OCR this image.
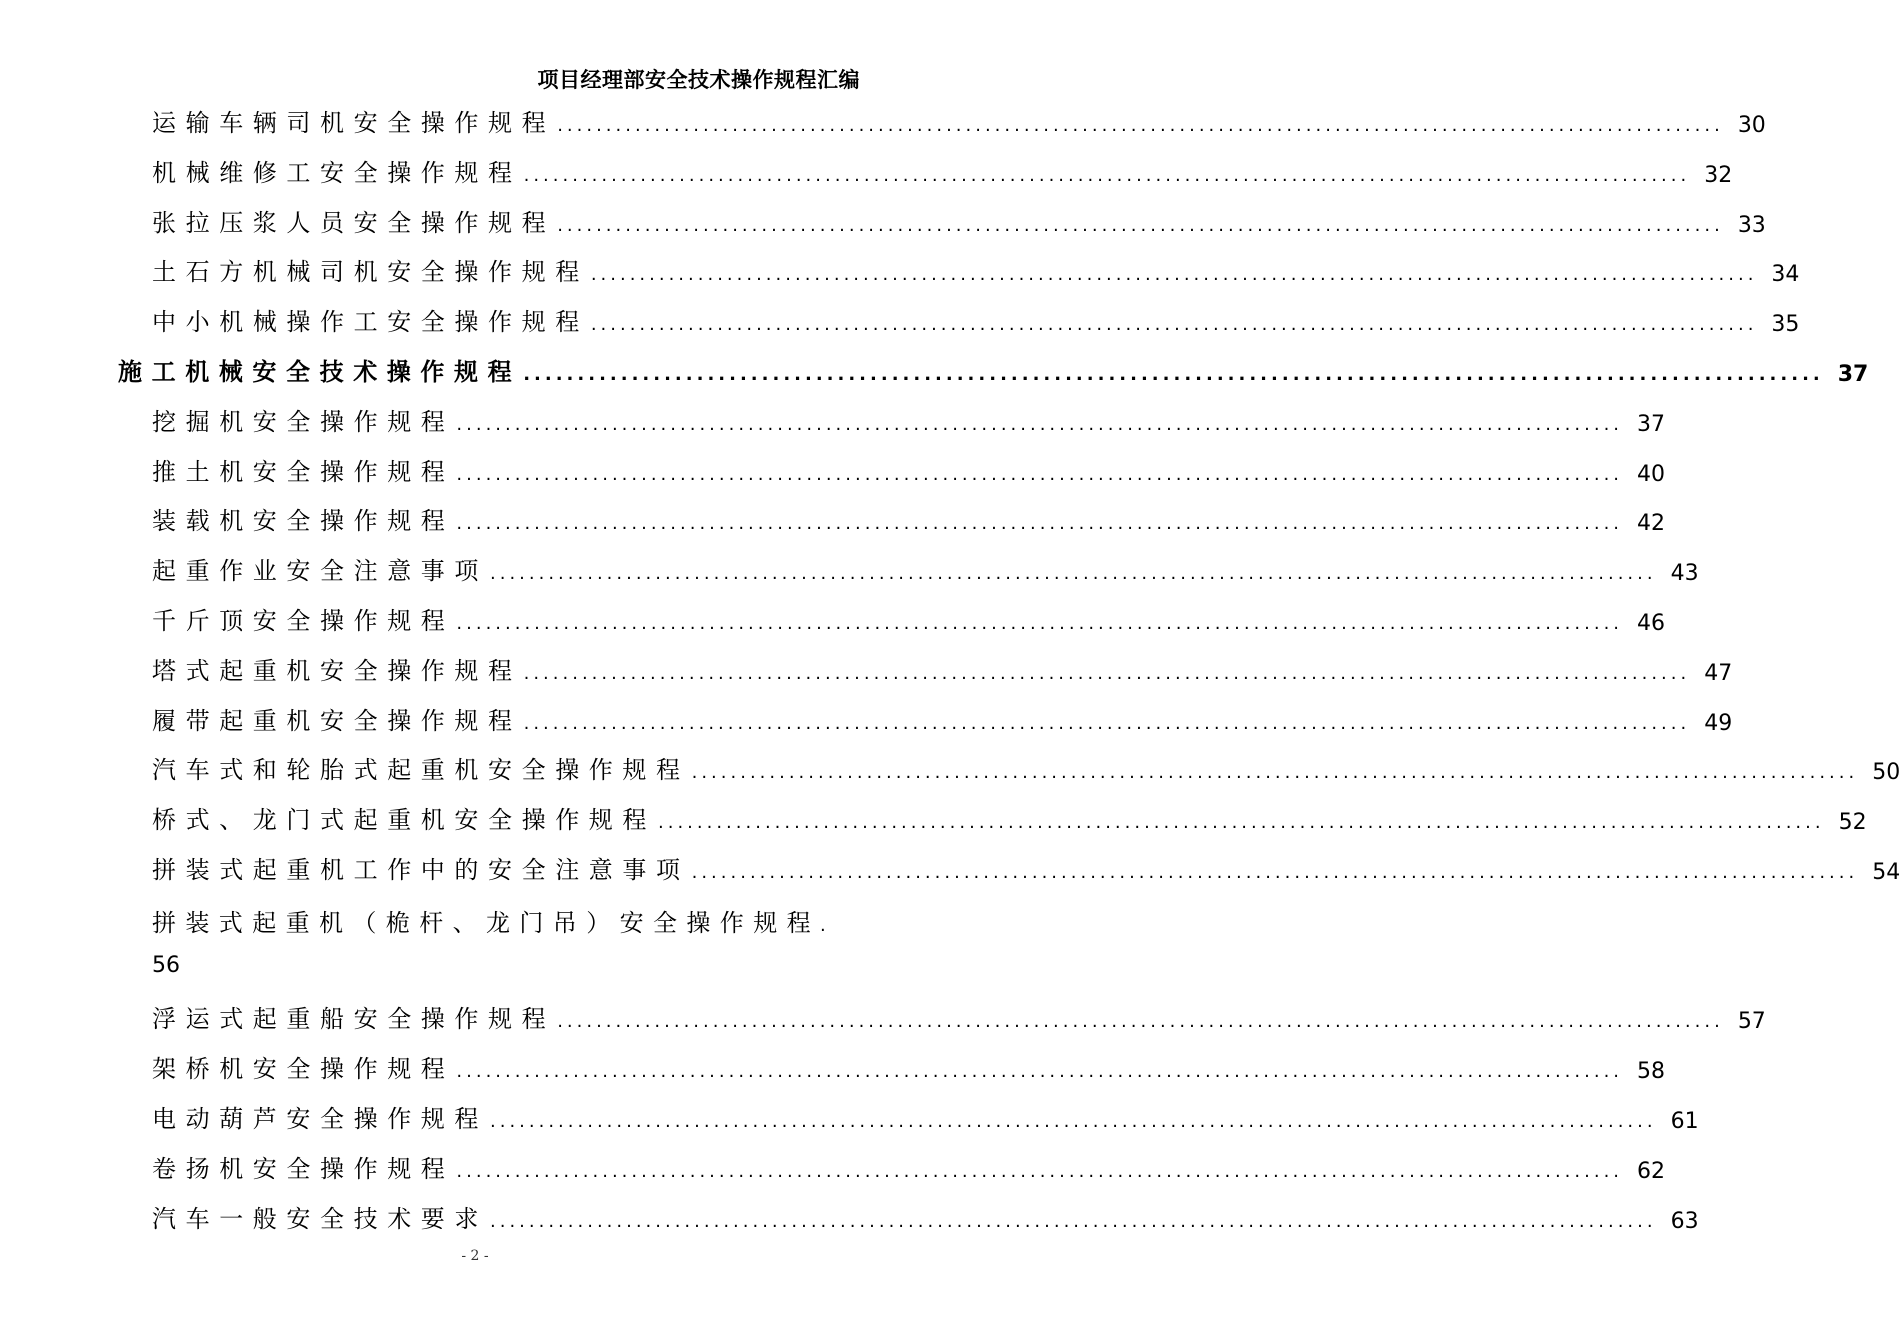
项目经理部安全技术操作规程汇编
运输车辆司机安全操作规程 ........................................................................................................................ 30
机械维修工安全操作规程 ........................................................................................................................ 32
张拉压浆人员安全操作规程 ........................................................................................................................ 33
土石方机械司机安全操作规程 ........................................................................................................................ 34
中小机械操作工安全操作规程 ........................................................................................................................ 35
施工机械安全技术操作规程 ........................................................................................................................ 37
挖掘机安全操作规程 ........................................................................................................................ 37
推土机安全操作规程 ........................................................................................................................ 40
装载机安全操作规程 ........................................................................................................................ 42
起重作业安全注意事项 ........................................................................................................................ 43
千斤顶安全操作规程 ........................................................................................................................ 46
塔式起重机安全操作规程 ........................................................................................................................ 47
履带起重机安全操作规程 ........................................................................................................................ 49
汽车式和轮胎式起重机安全操作规程 ........................................................................................................................ 50
桥式、龙门式起重机安全操作规程 ........................................................................................................................ 52
拼装式起重机工作中的安全注意事项 ........................................................................................................................ 54
拼装式起重机（桅杆、龙门吊）安全操作规程.
56
浮运式起重船安全操作规程 ........................................................................................................................ 57
架桥机安全操作规程 ........................................................................................................................ 58
电动葫芦安全操作规程 ........................................................................................................................ 61
卷扬机安全操作规程 ........................................................................................................................ 62
汽车一般安全技术要求 ........................................................................................................................ 63
- 2 -
